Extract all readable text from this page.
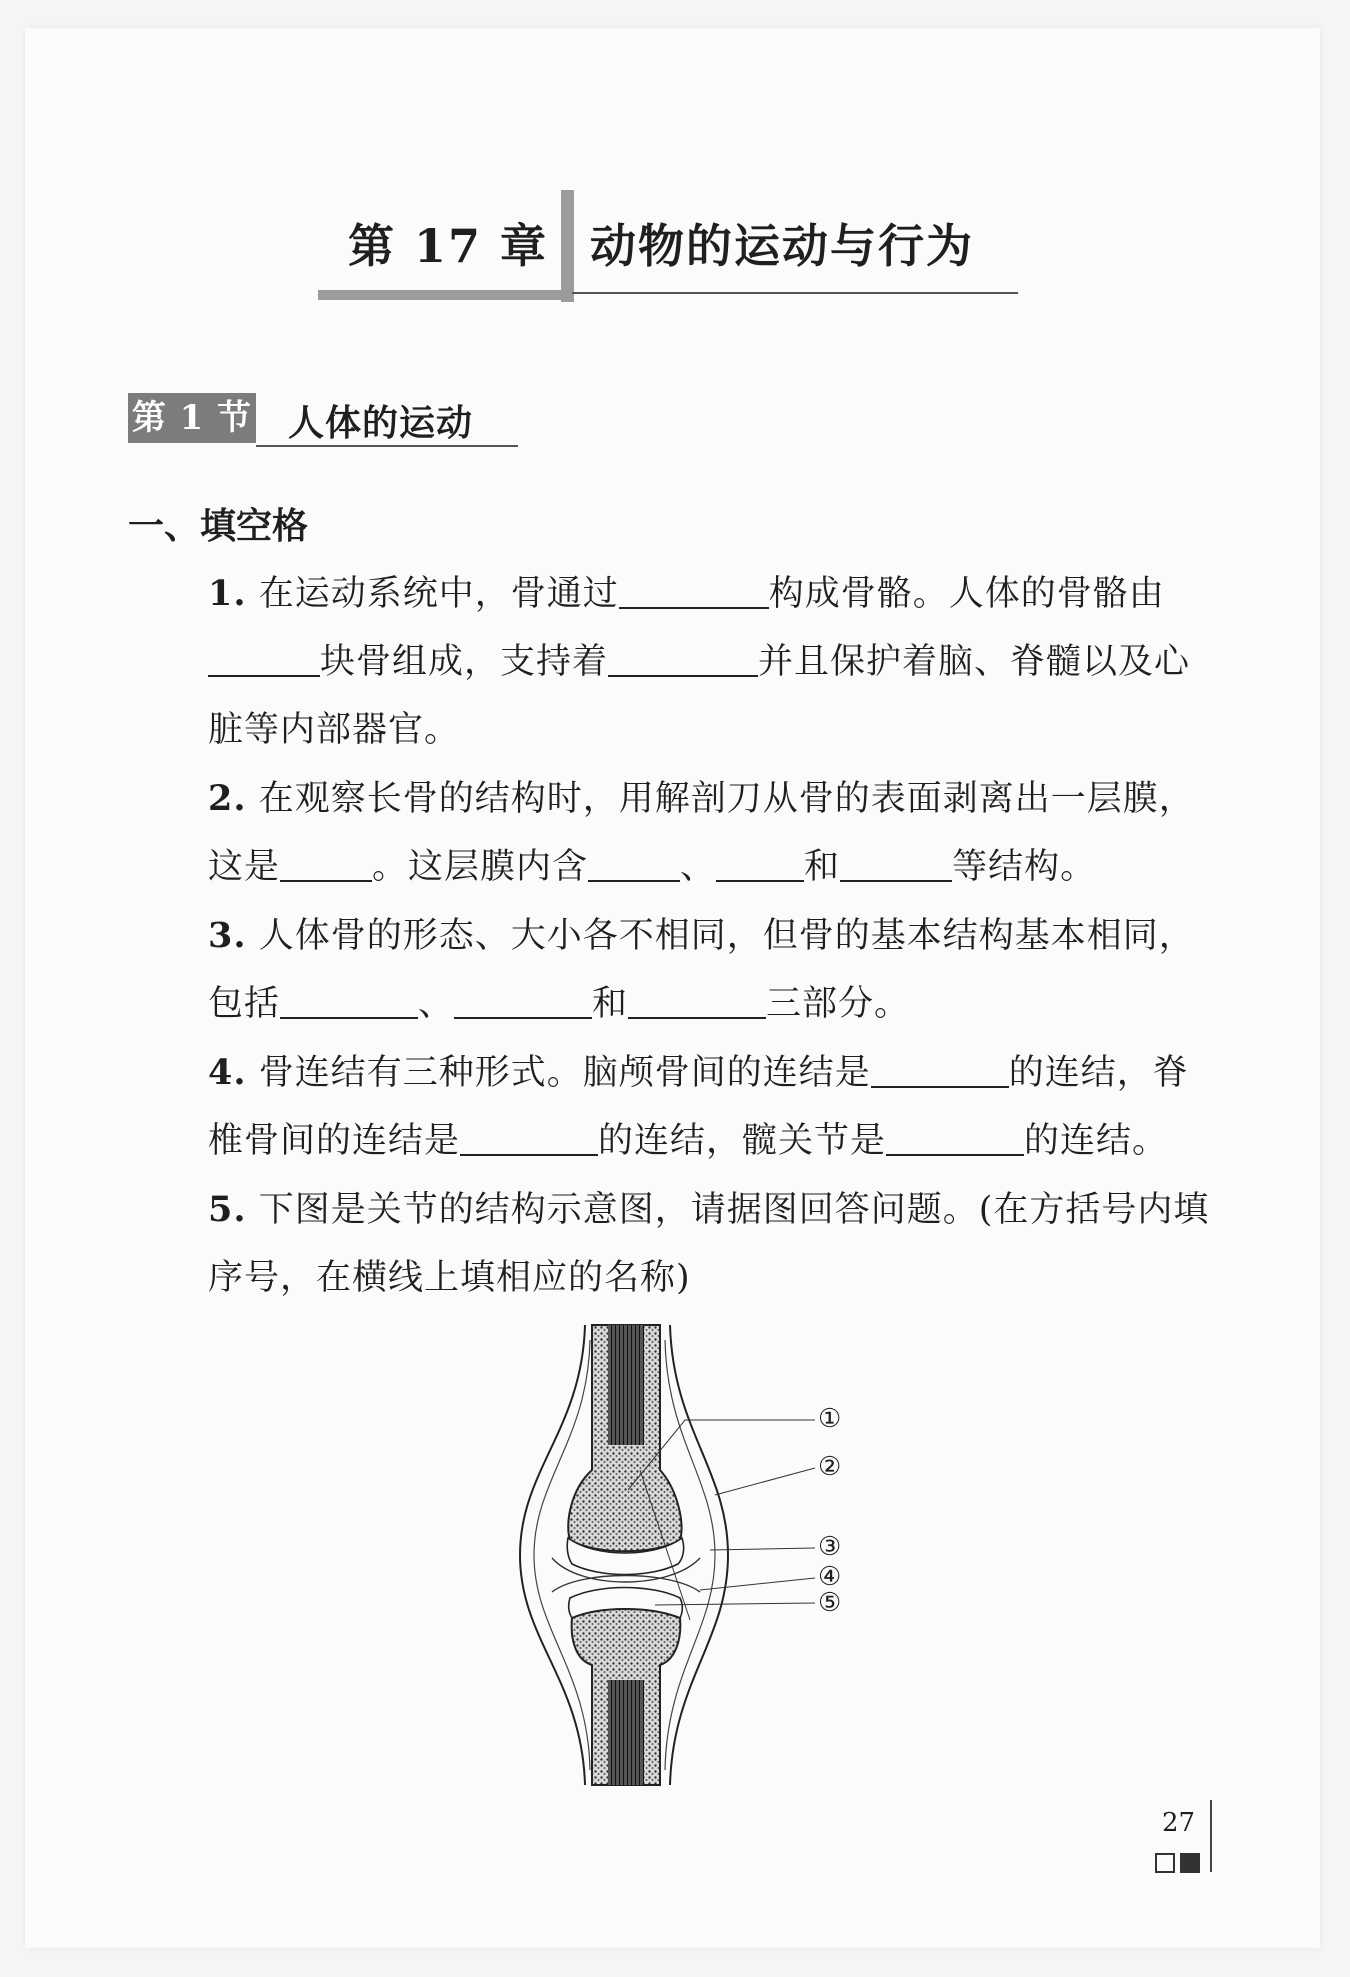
第 17 章 动物的运动与行为
第 1 节 人体的运动
一、填空格
1. 在运动系统中，骨通过	构成骨骼。人体的骨骼由块骨组成，支持着	并且保护着脑、脊髓以及心脏等内部器官。
2. 在观察长骨的结构时，用解剖刀从骨的表面剥离出一层膜，这是	。这层膜内含	、	和	等结构。
3. 人体骨的形态、大小各不相同，但骨的基本结构基本相同，包括	、	和	三部分。
4. 骨连结有三种形式。脑颅骨间的连结是	的连结，脊椎骨间的连结是	的连结，髋关节是	的连结。
5. 下图是关节的结构示意图，请据图回答问题。(在方括号内填序号，在横线上填相应的名称)
①
②
③
④
⑤
27
